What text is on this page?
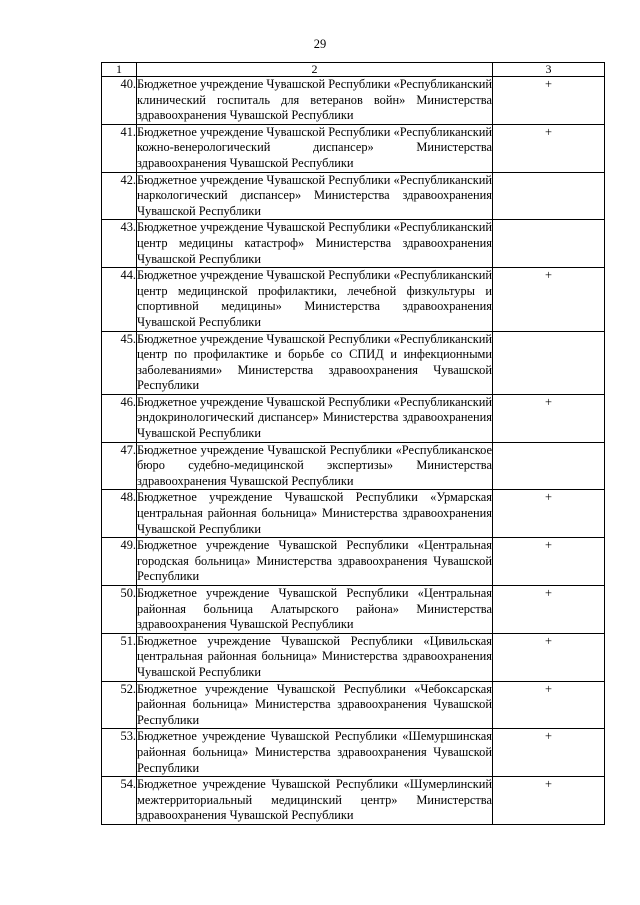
29
1	2	3
40.	Бюджетное учреждение Чувашской Республики «Республиканский клинический госпиталь для ветеранов войн» Министерства здравоохранения Чувашской Республики	+
41.	Бюджетное учреждение Чувашской Республики «Республиканский кожно-венерологический диспансер» Министерства здравоохранения Чувашской Республики	+
42.	Бюджетное учреждение Чувашской Республики «Республиканский наркологический диспансер» Министерства здравоохранения Чувашской Республики	
43.	Бюджетное учреждение Чувашской Республики «Республиканский центр медицины катастроф» Министерства здравоохранения Чувашской Республики	
44.	Бюджетное учреждение Чувашской Республики «Республиканский центр медицинской профилактики, лечебной физкультуры и спортивной медицины» Министерства здравоохранения Чувашской Республики	+
45.	Бюджетное учреждение Чувашской Республики «Республиканский центр по профилактике и борьбе со СПИД и инфекционными заболеваниями» Министерства здравоохранения Чувашской Республики	
46.	Бюджетное учреждение Чувашской Республики «Республиканский эндокринологический диспансер» Министерства здравоохранения Чувашской Республики	+
47.	Бюджетное учреждение Чувашской Республики «Республиканское бюро судебно-медицинской экспертизы» Министерства здравоохранения Чувашской Республики	
48.	Бюджетное учреждение Чувашской Республики «Урмарская центральная районная больница» Министерства здравоохранения Чувашской Республики	+
49.	Бюджетное учреждение Чувашской Республики «Центральная городская больница» Министерства здравоохранения Чувашской Республики	+
50.	Бюджетное учреждение Чувашской Республики «Центральная районная больница Алатырского района» Министерства здравоохранения Чувашской Республики	+
51.	Бюджетное учреждение Чувашской Республики «Цивильская центральная районная больница» Министерства здравоохранения Чувашской Республики	+
52.	Бюджетное учреждение Чувашской Республики «Чебоксарская районная больница» Министерства здравоохранения Чувашской Республики	+
53.	Бюджетное учреждение Чувашской Республики «Шемуршинская районная больница» Министерства здравоохранения Чувашской Республики	+
54.	Бюджетное учреждение Чувашской Республики «Шумерлинский межтерриториальный медицинский центр» Министерства здравоохранения Чувашской Республики	+
